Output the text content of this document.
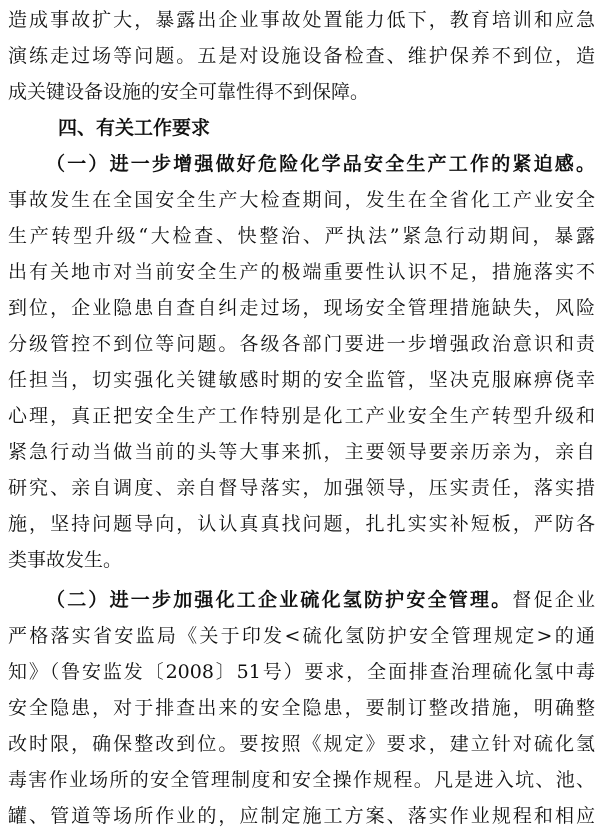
造成事故扩大，暴露出企业事故处置能力低下，教育培训和应急
演练走过场等问题。五是对设施设备检查、维护保养不到位，造
成关键设备设施的安全可靠性得不到保障。
四、有关工作要求
（一）进一步增强做好危险化学品安全生产工作的紧迫感。
事故发生在全国安全生产大检查期间，发生在全省化工产业安全
生产转型升级“大检查、快整治、严执法”紧急行动期间，暴露
出有关地市对当前安全生产的极端重要性认识不足，措施落实不
到位，企业隐患自查自纠走过场，现场安全管理措施缺失，风险
分级管控不到位等问题。各级各部门要进一步增强政治意识和责
任担当，切实强化关键敏感时期的安全监管，坚决克服麻痹侥幸
心理，真正把安全生产工作特别是化工产业安全生产转型升级和
紧急行动当做当前的头等大事来抓，主要领导要亲历亲为，亲自
研究、亲自调度、亲自督导落实，加强领导，压实责任，落实措
施，坚持问题导向，认认真真找问题，扎扎实实补短板，严防各
类事故发生。
（二）进一步加强化工企业硫化氢防护安全管理。督促企业
严格落实省安监局《关于印发<硫化氢防护安全管理规定>的通
知》（鲁安监发〔2008〕51号）要求，全面排查治理硫化氢中毒
安全隐患，对于排查出来的安全隐患，要制订整改措施，明确整
改时限，确保整改到位。要按照《规定》要求，建立针对硫化氢
毒害作业场所的安全管理制度和安全操作规程。凡是进入坑、池、
罐、管道等场所作业的，应制定施工方案、落实作业规程和相应
